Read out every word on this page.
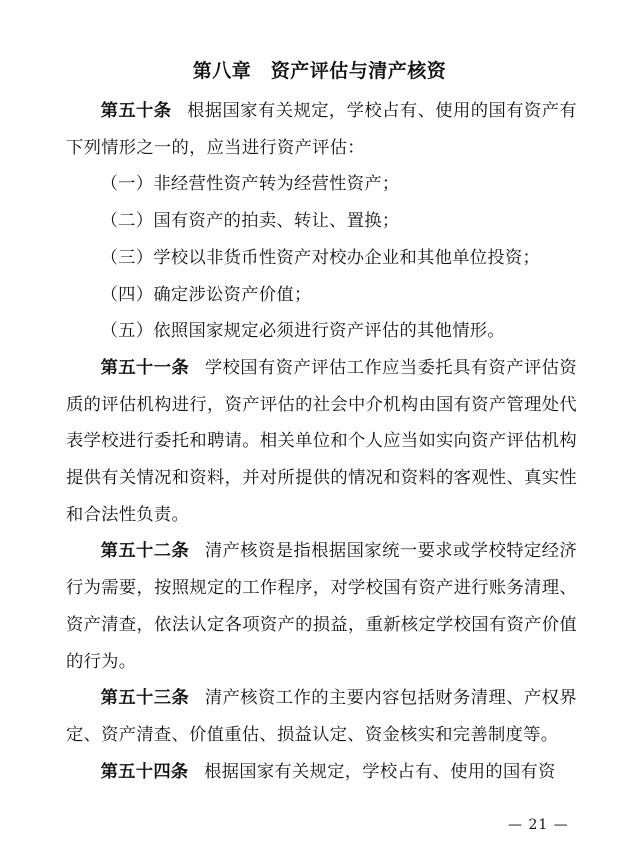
第八章　资产评估与清产核资

第五十条 根据国家有关规定，学校占有、使用的国有资产有下列情形之一的，应当进行资产评估：

（一）非经营性资产转为经营性资产；

（二）国有资产的拍卖、转让、置换；

（三）学校以非货币性资产对校办企业和其他单位投资；

（四）确定涉讼资产价值；

（五）依照国家规定必须进行资产评估的其他情形。

第五十一条 学校国有资产评估工作应当委托具有资产评估资质的评估机构进行，资产评估的社会中介机构由国有资产管理处代表学校进行委托和聘请。相关单位和个人应当如实向资产评估机构提供有关情况和资料，并对所提供的情况和资料的客观性、真实性和合法性负责。

第五十二条 清产核资是指根据国家统一要求或学校特定经济行为需要，按照规定的工作程序，对学校国有资产进行账务清理、资产清查，依法认定各项资产的损益，重新核定学校国有资产价值的行为。

第五十三条 清产核资工作的主要内容包括财务清理、产权界定、资产清查、价值重估、损益认定、资金核实和完善制度等。

第五十四条 根据国家有关规定，学校占有、使用的国有资

— 21 —
